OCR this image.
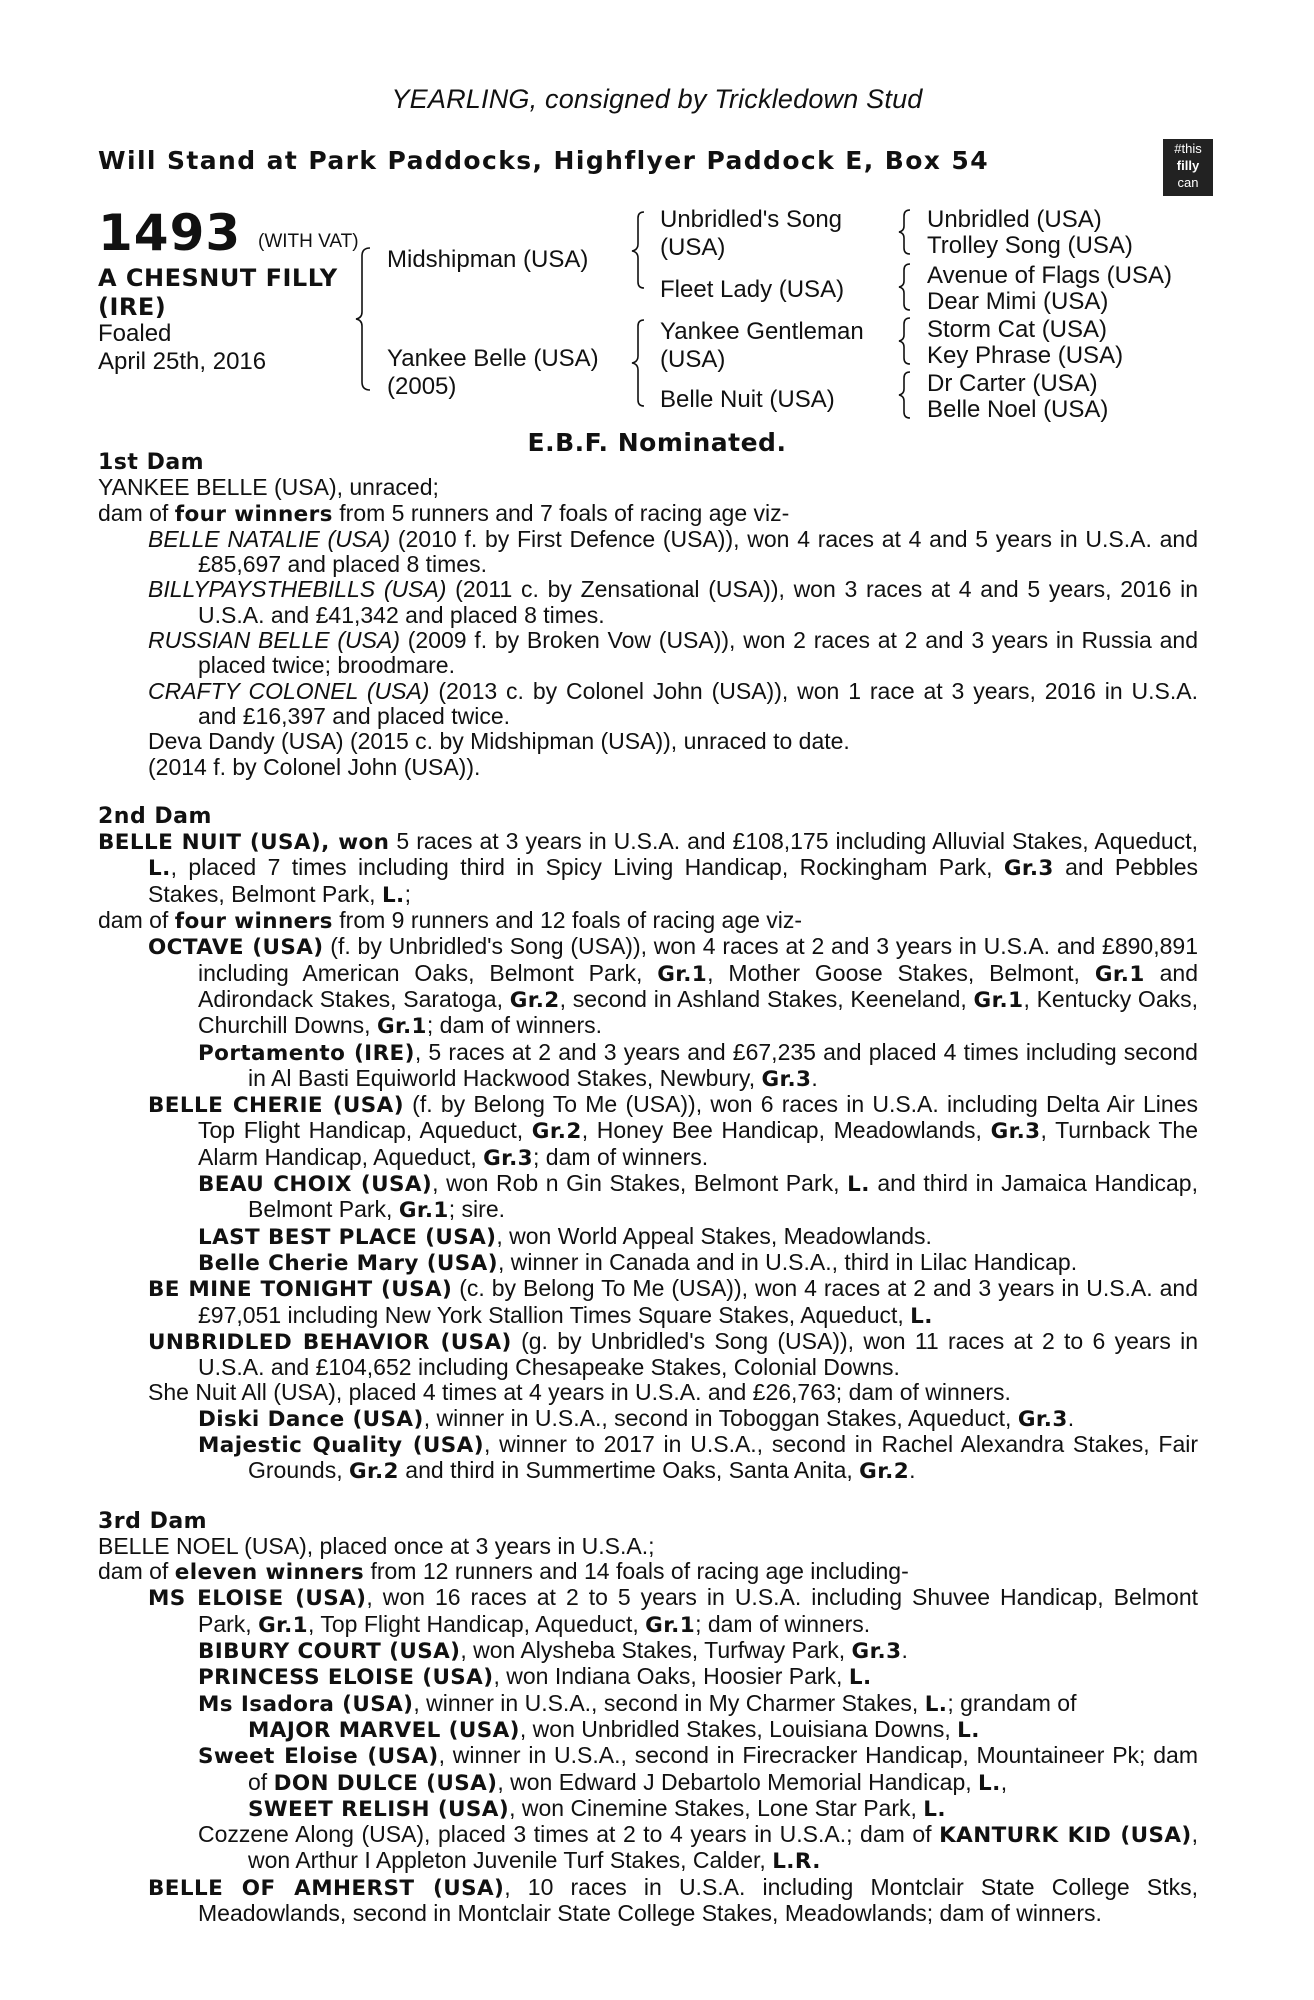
YEARLING, consigned by Trickledown Stud
Will Stand at Park Paddocks, Highflyer Paddock E, Box 54	#this
filly
can
1493 (WITH VAT)
A CHESNUT FILLY
(IRE)
Foaled
April 25th, 2016
Midshipman (USA)
Yankee Belle (USA)
(2005)
Unbridled's Song
(USA)
Fleet Lady (USA)
Yankee Gentleman
(USA)
Belle Nuit (USA)
Unbridled (USA)
Trolley Song (USA)
Avenue of Flags (USA)
Dear Mimi (USA)
Storm Cat (USA)
Key Phrase (USA)
Dr Carter (USA)
Belle Noel (USA)
E.B.F. Nominated.

1st Dam

YANKEE BELLE (USA), unraced;

dam of four winners from 5 runners and 7 foals of racing age viz-

BELLE NATALIE (USA) (2010 f. by First Defence (USA)), won 4 races at 4 and 5 years in U.S.A. and £85,697 and placed 8 times.

BILLYPAYSTHEBILLS (USA) (2011 c. by Zensational (USA)), won 3 races at 4 and 5 years, 2016 in U.S.A. and £41,342 and placed 8 times.

RUSSIAN BELLE (USA) (2009 f. by Broken Vow (USA)), won 2 races at 2 and 3 years in Russia and placed twice; broodmare.

CRAFTY COLONEL (USA) (2013 c. by Colonel John (USA)), won 1 race at 3 years, 2016 in U.S.A. and £16,397 and placed twice.

Deva Dandy (USA) (2015 c. by Midshipman (USA)), unraced to date.

(2014 f. by Colonel John (USA)).

2nd Dam

BELLE NUIT (USA), won 5 races at 3 years in U.S.A. and £108,175 including Alluvial Stakes, Aqueduct, L., placed 7 times including third in Spicy Living Handicap, Rockingham Park, Gr.3 and Pebbles Stakes, Belmont Park, L.;

dam of four winners from 9 runners and 12 foals of racing age viz-

OCTAVE (USA) (f. by Unbridled's Song (USA)), won 4 races at 2 and 3 years in U.S.A. and £890,891 including American Oaks, Belmont Park, Gr.1, Mother Goose Stakes, Belmont, Gr.1 and Adirondack Stakes, Saratoga, Gr.2, second in Ashland Stakes, Keeneland, Gr.1, Kentucky Oaks, Churchill Downs, Gr.1; dam of winners.

Portamento (IRE), 5 races at 2 and 3 years and £67,235 and placed 4 times including second in Al Basti Equiworld Hackwood Stakes, Newbury, Gr.3.

BELLE CHERIE (USA) (f. by Belong To Me (USA)), won 6 races in U.S.A. including Delta Air Lines Top Flight Handicap, Aqueduct, Gr.2, Honey Bee Handicap, Meadowlands, Gr.3, Turnback The Alarm Handicap, Aqueduct, Gr.3; dam of winners.

BEAU CHOIX (USA), won Rob n Gin Stakes, Belmont Park, L. and third in Jamaica Handicap, Belmont Park, Gr.1; sire.

LAST BEST PLACE (USA), won World Appeal Stakes, Meadowlands.

Belle Cherie Mary (USA), winner in Canada and in U.S.A., third in Lilac Handicap.

BE MINE TONIGHT (USA) (c. by Belong To Me (USA)), won 4 races at 2 and 3 years in U.S.A. and £97,051 including New York Stallion Times Square Stakes, Aqueduct, L.

UNBRIDLED BEHAVIOR (USA) (g. by Unbridled's Song (USA)), won 11 races at 2 to 6 years in U.S.A. and £104,652 including Chesapeake Stakes, Colonial Downs.

She Nuit All (USA), placed 4 times at 4 years in U.S.A. and £26,763; dam of winners.

Diski Dance (USA), winner in U.S.A., second in Toboggan Stakes, Aqueduct, Gr.3.

Majestic Quality (USA), winner to 2017 in U.S.A., second in Rachel Alexandra Stakes, Fair Grounds, Gr.2 and third in Summertime Oaks, Santa Anita, Gr.2.

3rd Dam

BELLE NOEL (USA), placed once at 3 years in U.S.A.;

dam of eleven winners from 12 runners and 14 foals of racing age including-

MS ELOISE (USA), won 16 races at 2 to 5 years in U.S.A. including Shuvee Handicap, Belmont Park, Gr.1, Top Flight Handicap, Aqueduct, Gr.1; dam of winners.

BIBURY COURT (USA), won Alysheba Stakes, Turfway Park, Gr.3.

PRINCESS ELOISE (USA), won Indiana Oaks, Hoosier Park, L.

Ms Isadora (USA), winner in U.S.A., second in My Charmer Stakes, L.; grandam of

MAJOR MARVEL (USA), won Unbridled Stakes, Louisiana Downs, L.

Sweet Eloise (USA), winner in U.S.A., second in Firecracker Handicap, Mountaineer Pk; dam of DON DULCE (USA), won Edward J Debartolo Memorial Handicap, L.,

SWEET RELISH (USA), won Cinemine Stakes, Lone Star Park, L.

Cozzene Along (USA), placed 3 times at 2 to 4 years in U.S.A.; dam of KANTURK KID (USA), won Arthur I Appleton Juvenile Turf Stakes, Calder, L.R.

BELLE OF AMHERST (USA), 10 races in U.S.A. including Montclair State College Stks, Meadowlands, second in Montclair State College Stakes, Meadowlands; dam of winners.
